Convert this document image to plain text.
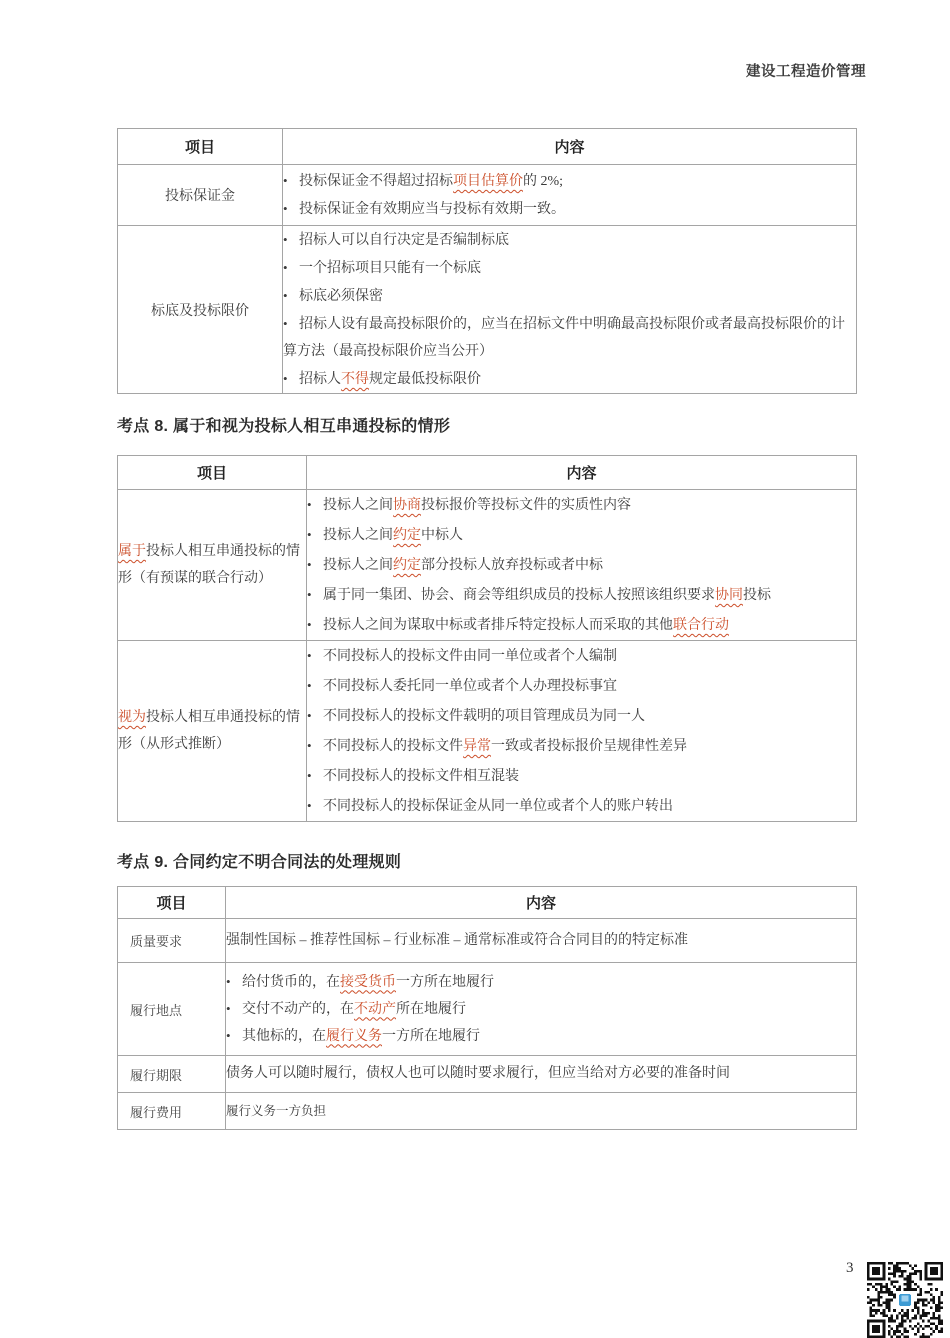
建设工程造价管理
项目	内容
投标保证金	• 投标保证金不得超过招标项目估算价的 2%;
• 投标保证金有效期应当与投标有效期一致。

标底及投标限价	• 招标人可以自行决定是否编制标底
• 一个招标项目只能有一个标底
• 标底必须保密
• 招标人设有最高投标限价的，应当在招标文件中明确最高投标限价或者最高投标限价的计算方法（最高投标限价应当公开）
• 招标人不得规定最低投标限价
考点 8. 属于和视为投标人相互串通投标的情形
项目	内容
属于投标人相互串通投标的情形（有预谋的联合行动）	• 投标人之间协商投标报价等投标文件的实质性内容
• 投标人之间约定中标人
• 投标人之间约定部分投标人放弃投标或者中标
• 属于同一集团、协会、商会等组织成员的投标人按照该组织要求协同投标
• 投标人之间为谋取中标或者排斥特定投标人而采取的其他联合行动

视为投标人相互串通投标的情形（从形式推断）	
• 不同投标人的投标文件由同一单位或者个人编制
• 不同投标人委托同一单位或者个人办理投标事宜
• 不同投标人的投标文件载明的项目管理成员为同一人
• 不同投标人的投标文件异常一致或者投标报价呈规律性差异
• 不同投标人的投标文件相互混装
• 不同投标人的投标保证金从同一单位或者个人的账户转出
考点 9. 合同约定不明合同法的处理规则
项目	内容
质量要求	强制性国标 – 推荐性国标 – 行业标准 – 通常标准或符合合同目的的特定标准

履行地点	• 给付货币的，在接受货币一方所在地履行
• 交付不动产的，在不动产所在地履行
• 其他标的，在履行义务一方所在地履行

履行期限	债务人可以随时履行，债权人也可以随时要求履行，但应当给对方必要的准备时间

履行费用	履行义务一方负担
3
